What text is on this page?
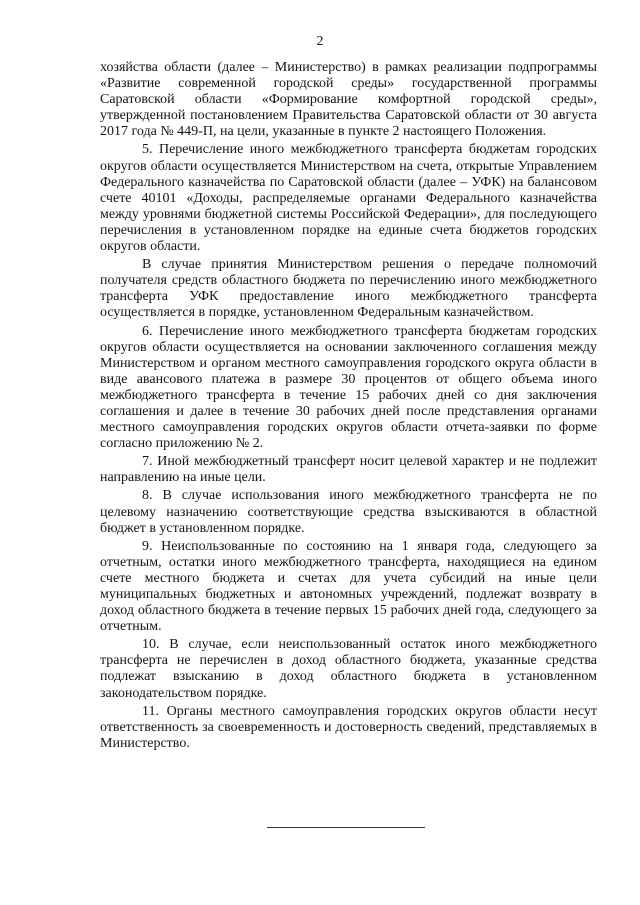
2

хозяйства области (далее – Министерство) в рамках реализации подпрограммы «Развитие современной городской среды» государственной программы Саратовской области «Формирование комфортной городской среды», утвержденной постановлением Правительства Саратовской области от 30 августа 2017 года № 449-П, на цели, указанные в пункте 2 настоящего Положения.

5. Перечисление иного межбюджетного трансферта бюджетам городских округов области осуществляется Министерством на счета, открытые Управлением Федерального казначейства по Саратовской области (далее – УФК) на балансовом счете 40101 «Доходы, распределяемые органами Федерального казначейства между уровнями бюджетной системы Российской Федерации», для последующего перечисления в установленном порядке на единые счета бюджетов городских округов области.

В случае принятия Министерством решения о передаче полномочий получателя средств областного бюджета по перечислению иного межбюджетного трансферта УФК предоставление иного межбюджетного трансферта осуществляется в порядке, установленном Федеральным казначейством.

6. Перечисление иного межбюджетного трансферта бюджетам городских округов области осуществляется на основании заключенного соглашения между Министерством и органом местного самоуправления городского округа области в виде авансового платежа в размере 30 процентов от общего объема иного межбюджетного трансферта в течение 15 рабочих дней со дня заключения соглашения и далее в течение 30 рабочих дней после представления органами местного самоуправления городских округов области отчета-заявки по форме согласно приложению № 2.

7. Иной межбюджетный трансферт носит целевой характер и не подлежит направлению на иные цели.

8. В случае использования иного межбюджетного трансферта не по целевому назначению соответствующие средства взыскиваются в областной бюджет в установленном порядке.

9. Неиспользованные по состоянию на 1 января года, следующего за отчетным, остатки иного межбюджетного трансферта, находящиеся на едином счете местного бюджета и счетах для учета субсидий на иные цели муниципальных бюджетных и автономных учреждений, подлежат возврату в доход областного бюджета в течение первых 15 рабочих дней года, следующего за отчетным.

10. В случае, если неиспользованный остаток иного межбюджетного трансферта не перечислен в доход областного бюджета, указанные средства подлежат взысканию в доход областного бюджета в установленном законодательством порядке.

11. Органы местного самоуправления городских округов области несут ответственность за своевременность и достоверность сведений, представляемых в Министерство.
